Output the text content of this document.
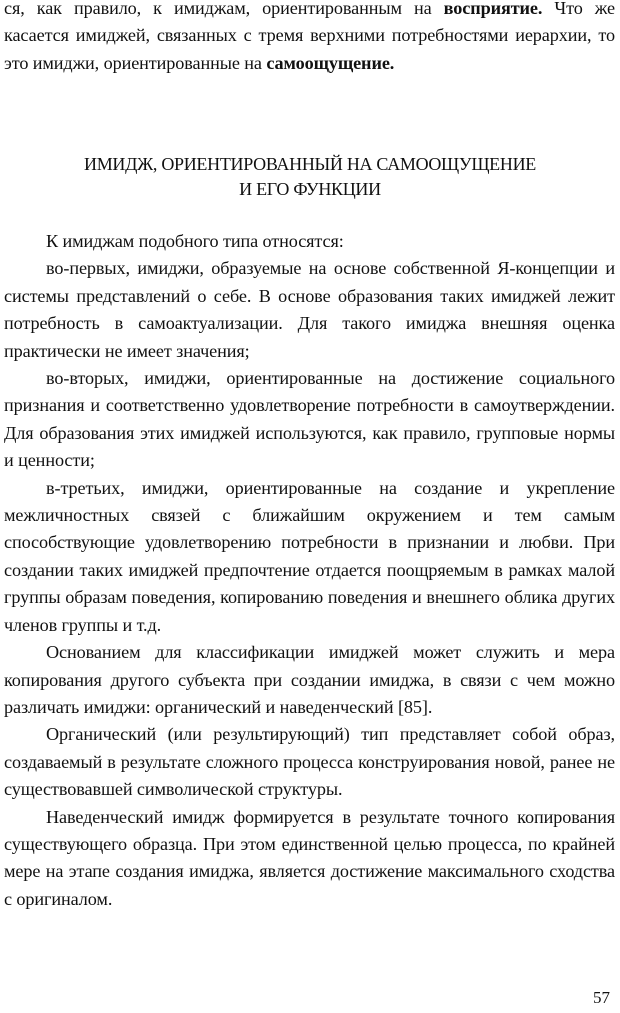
ся, как правило, к имиджам, ориентированным на восприятие. Что же касается имиджей, связанных с тремя верхними потребностями иерархии, то это имиджи, ориентированные на самоощущение.

ИМИДЖ, ОРИЕНТИРОВАННЫЙ НА САМООЩУЩЕНИЕ
И ЕГО ФУНКЦИИ

К имиджам подобного типа относятся:

во-первых, имиджи, образуемые на основе собственной Я-концепции и системы представлений о себе. В основе образования таких имиджей лежит потребность в самоактуализации. Для такого имиджа внешняя оценка практически не имеет значения;

во-вторых, имиджи, ориентированные на достижение социального признания и соответственно удовлетворение потребности в самоутверждении. Для образования этих имиджей используются, как правило, групповые нормы и ценности;

в-третьих, имиджи, ориентированные на создание и укрепление межличностных связей с ближайшим окружением и тем самым способствующие удовлетворению потребности в признании и любви. При создании таких имиджей предпочтение отдается поощряемым в рамках малой группы образам поведения, копированию поведения и внешнего облика других членов группы и т.д.

Основанием для классификации имиджей может служить и мера копирования другого субъекта при создании имиджа, в связи с чем можно различать имиджи: органический и наведенческий [85].

Органический (или результирующий) тип представляет собой образ, создаваемый в результате сложного процесса конструирования новой, ранее не существовавшей символической структуры.

Наведенческий имидж формируется в результате точного копирования существующего образца. При этом единственной целью процесса, по крайней мере на этапе создания имиджа, является достижение максимального сходства с оригиналом.

57
